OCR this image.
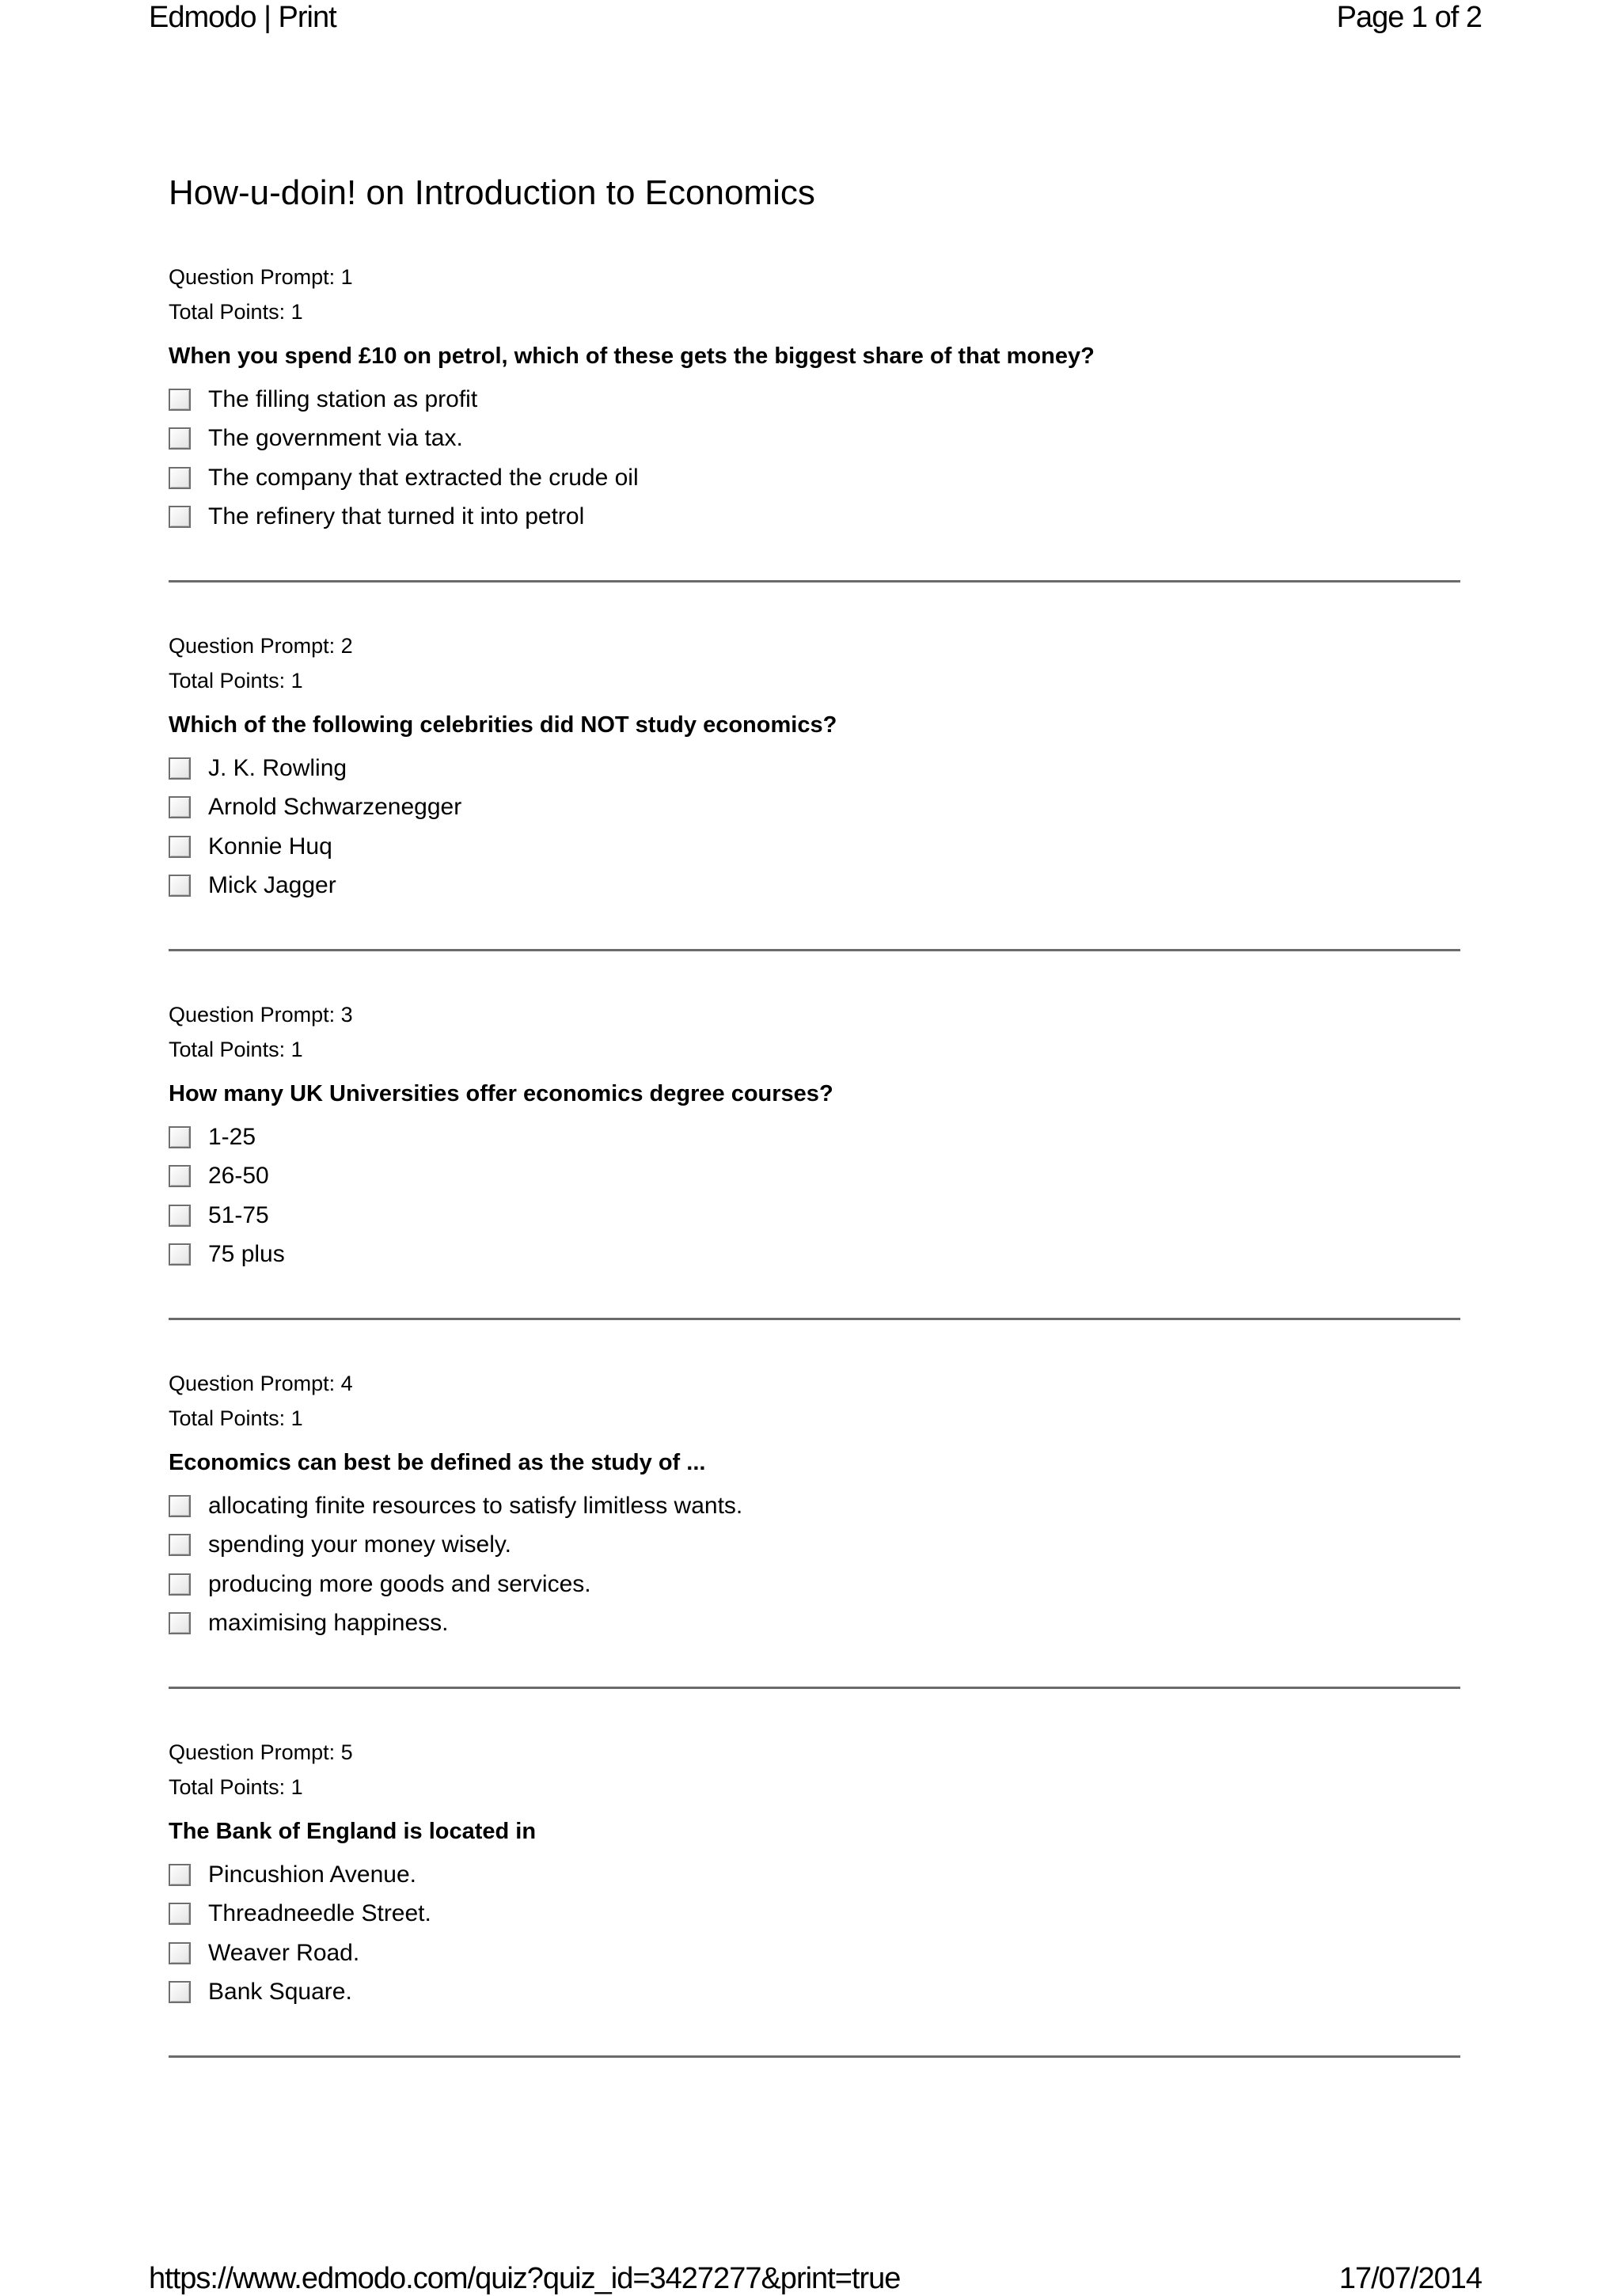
Edmodo | Print	Page 1 of 2
How-u-doin! on Introduction to Economics
Question Prompt: 1
Total Points: 1
When you spend £10 on petrol, which of these gets the biggest share of that money?
The filling station as profit
The government via tax.
The company that extracted the crude oil
The refinery that turned it into petrol
Question Prompt: 2
Total Points: 1
Which of the following celebrities did NOT study economics?
J. K. Rowling
Arnold Schwarzenegger
Konnie Huq
Mick Jagger
Question Prompt: 3
Total Points: 1
How many UK Universities offer economics degree courses?
1-25
26-50
51-75
75 plus
Question Prompt: 4
Total Points: 1
Economics can best be defined as the study of ...
allocating finite resources to satisfy limitless wants.
spending your money wisely.
producing more goods and services.
maximising happiness.
Question Prompt: 5
Total Points: 1
The Bank of England is located in
Pincushion Avenue.
Threadneedle Street.
Weaver Road.
Bank Square.
https://www.edmodo.com/quiz?quiz_id=3427277&print=true	17/07/2014
